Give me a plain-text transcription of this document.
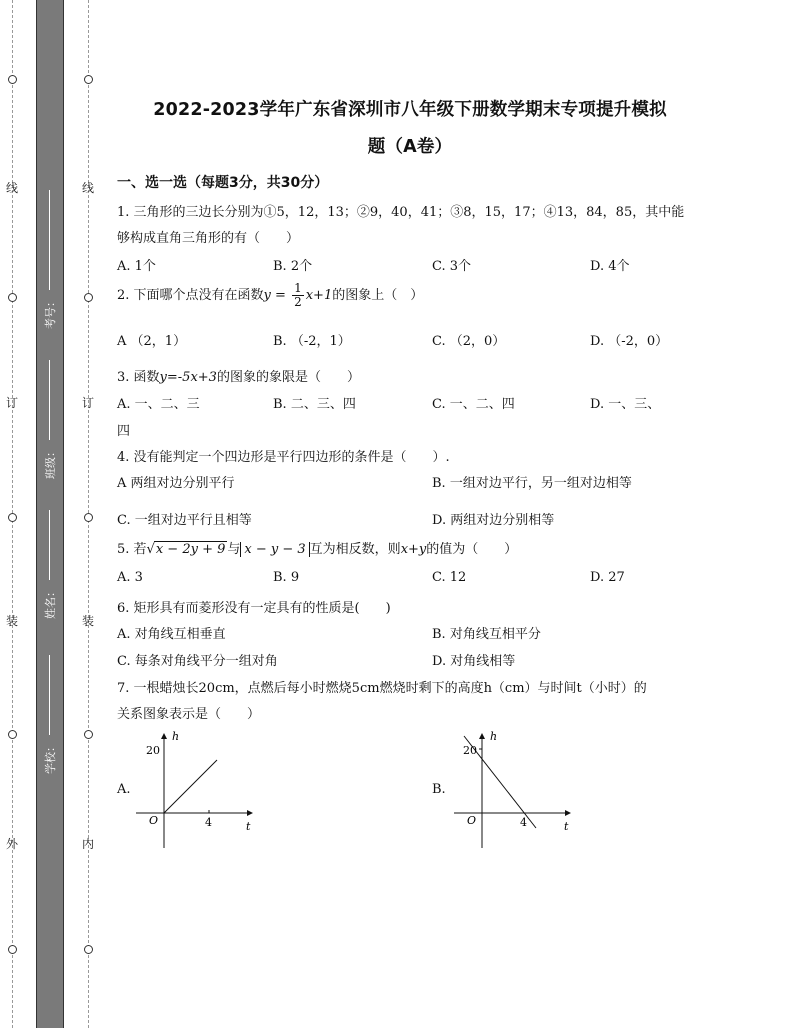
线
订
装
外
线
订
装
内
考号：
班级：
姓名：
学校：
2022-2023学年广东省深圳市八年级下册数学期末专项提升模拟
题（A卷）
一、选一选（每题3分，共30分）
1. 三角形的三边长分别为①5，12，13；②9，40，41；③8，15，17；④13，84，85，其中能
够构成直角三角形的有（　　）
A. 1个	B. 2个	C. 3个	D. 4个
2. 下面哪个点没有在函数$y = \frac{1}{2} x+1$的图象上（　）
A （2，1）	B. （-2，1）	C. （2，0）	D. （-2，0）
3. 函数y=-5x+3的图象的象限是（　　）
A. 一、二、三	B. 二、三、四	C. 一、二、四	D. 一、三、
四
4. 没有能判定一个四边形是平行四边形的条件是（　　）.
A 两组对边分别平行	B. 一组对边平行，另一组对边相等
C. 一组对边平行且相等	D. 两组对边分别相等
5. 若√x − 2y + 9 与 x − y − 3 互为相反数，则x+y的值为（　　）
A. 3	B. 9	C. 12	D. 27
6. 矩形具有而菱形没有一定具有的性质是(　　)
A. 对角线互相垂直	B. 对角线互相平分
C. 每条对角线平分一组对角	D. 对角线相等
7. 一根蜡烛长20cm，点燃后每小时燃烧5cm燃烧时剩下的高度h（cm）与时间t（小时）的
关系图象表示是（　　）
A.
h
t
O
20
4
B.
h
t
O
20
4
